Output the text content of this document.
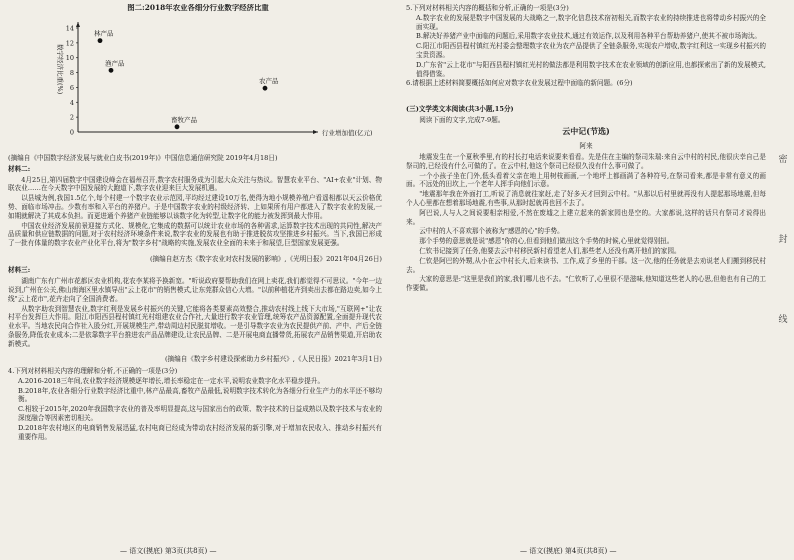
图二:2018年农业各细分行业数字经济比重
14
12
10
8
6
4
2
0
数字经济比重(%)
行业增加值(亿元)
林产品
渔产品
农产品
畜牧产品

(摘编自《中国数字经济发展与就业白皮书(2019年)》中国信息通信研究院 2019年4月18日)

材料二:

4月25日,第四届数字中国建设峰会在福州召开,数字农村服务成为引起大众关注与热议。智慧农业平台、"AI+农业"计划、物联农业……在今天数字中国发展的大跑道下,数字农业迎来巨大发展机遇。

以县城为例,我国1.5亿个,每个村建一个数字农业示范园,平均经过建设10万名,使得为地小规模养殖户看遥相都以天云价格优势、面临市场冲击。少数有率和入平台的养猪户。于是中国数字农业的村级经济转、上如果所有用户都进入了数字农业的发展,一如期就解决了其成本负担。而更进通个养猪产业链能够以该数字化为转型,让数字化的能力被发挥到最大作用。

中国农业经济发展前景迎接方式化、规模化,它集成的数据可以统计农业市场的各种需求,运算数字技术出现的共同性,解决产品质量和供应链数据的问题,对于农村经济环境条件来说,数字农业的发展也有助于推进脱贫攻坚推进乡村振兴。当下,我国已形成了一批有体量的数字农业产业化平台,将为"数字乡村"战略的实施,发展农业全面的未来于和展望,巨型国家发展更强。

(摘编自赵方杰《数字农业对农村发展的影响》,《光明日报》2021年04月26日)

材料三:

湖南广东有广州市花都区农业机构,花农李某将予换新宽。"听说政府要帮助我们在网上卖花,我们都觉得不可思议。"今年一边说到,广州在公关,佛山南海区里水镇导出"云上花市"的销售模式,让东莞群众信心大增。"以前种植花卉到卖出去都在路边卖,如今上线"云上花市",花卉走向了全国消费者。

从数字助农到智慧农业,数字红利是发展乡村振兴的关键,它能将各类要素高效整合,推动农村线上线下大市场,"互联网+"让农村平台发挥巨大作用。阳江市阳西县程村镇红光村组建农业合作社,大量进行数字农业管理,统筹农产品资源配置,全面提升现代农业水平。当地农民向合作社入股分红,开展规模生产,带动周边村民脱贫增收。一是引导数字农业为农民提供产前、产中、产后全链条服务,降低农业成本;二是依靠数字平台推进农产品品牌建设,让农民品牌、二是开展电商直播带货,拓展农产品销售渠道,开启助农新模式。

(摘编自《数字乡村建设探索助力乡村振兴》,《人民日报》2021年3月1日)

4.下列对材料相关内容的理解和分析,不正确的一项是(3分)

A.2016-2018三年间,农业数字经济规模逐年增长,增长率稳定在一定水平,说明农业数字化水平稳步提升。

B.2018年,农业各细分行业数字经济比重中,林产品最高,畜牧产品最低,说明数字技术转化为各细分行业生产力的水平还不够均衡。

C.相较于2015年,2020年我国数字农业的普及率明显提高,这与国家出台的政策、数字技术的日益成熟以及数字技术与农业的深度融合等因素密切相关。

D.2018年农村地区的电商销售发展迅猛,农村电商已经成为带动农村经济发展的新引擎,对于增加农民收入、推动乡村振兴有重要作用。

— 语文(摸底) 第3页(共8页) —

5.下列对材料相关内容的概括和分析,正确的一项是(3分)

A.数字农业的发展是数字中国发展的大战略之一,数字化信息技术宿初相关,而数字农业的持续推进也将带动乡村振兴的全面实现。

B.解决好养猪产业中面临的问题后,采用数字农业技术,通过有效运作,以及利用各种平台帮助养猪户,使其不被市场淘汰。

C.阳江市阳西县程村镇红光村委会整理数字农业为农产品提供了全链条服务,实现农户增收,数字红利这一实现乡村振兴的宝贵资源。

D.广东省"云上花市"与阳西县程村镇红光村的做法都是利用数字技术在农业领域的创新应用,也都探索出了新的发展模式,值得借鉴。

6.请根据上述材料简要概括如何应对数字农业发展过程中面临的新问题。(6分)

(三)文学类文本阅读(共3小题,15分)

阅读下面的文字,完成7-9题。

云中记(节选)

阿来

地震发生在一个夏秋季里,有的村长打电话来说要来看看。先是住在主编的祭司朱瑞:来自云中村的村民,他很庆幸自己是祭司的,已经没有什么可做的了。在云中村,他这个祭司已经很久没有什么事可做了。

一个小孩子坐在门外,低头看着父亲在地上用树枝画画,一个地坪上都画满了各种符号,在祭司看来,都是非常有意义的画面。不远处的田坎上,一个老年人挥手向他们示意。

"地震那年我在外面打工,听说了消息就往家赶,走了好多天才回到云中村。"从那以后村里就再没有人提起那场地震,但每个人心里都在想着那场地震,有些事,从那时起就再也回不去了。

阿巴说,人与人之间说要相亲相爱,不然在废墟之上建立起来的新家园也是空的。大家都说,这样的话只有祭司才说得出来。

云中村的人不喜欢那个被称为"感恩的心"的手势。

那个手势的意思就是说"感恩"你的心,但看到他们做出这个手势的时候,心里就觉得别扭。

仁钦书记接到了任务,他要去云中村移民新村看望老人们,那些老人还没有离开他们的家园。

仁钦是阿巴的外甥,从小在云中村长大,后来读书、工作,成了乡里的干部。这一次,他的任务就是去劝说老人们搬到移民村去。

大家的意思是:"这里是我们的家,我们哪儿也不去。"仁钦听了,心里很不是滋味,他知道这些老人的心思,但他也有自己的工作要做。

— 语文(摸底) 第4页(共8页) —
密
封
线
